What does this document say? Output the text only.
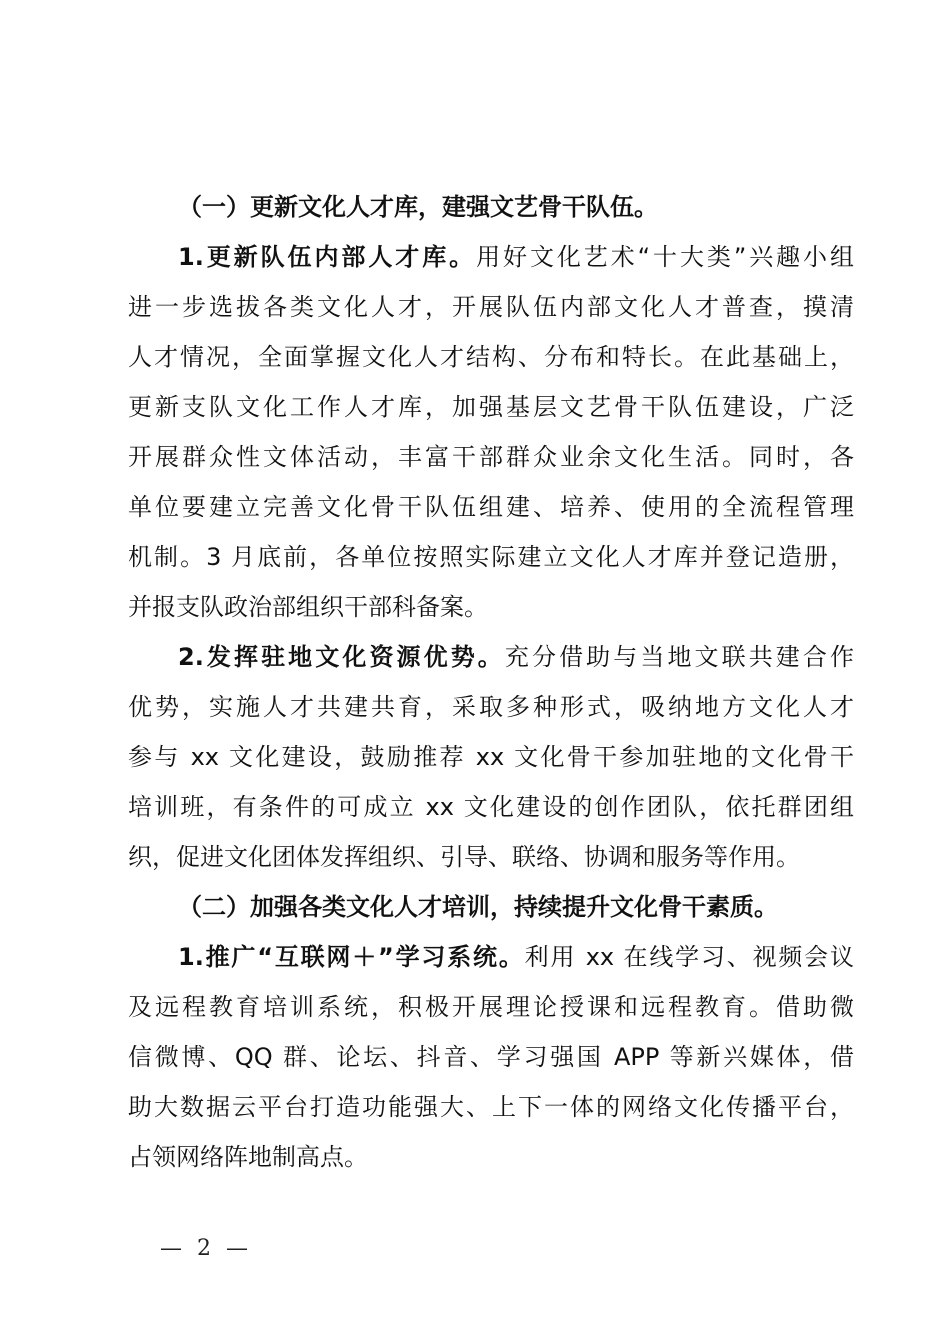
（一）更新文化人才库，建强文艺骨干队伍。
1.更新队伍内部人才库。用好文化艺术“十大类”兴趣小组
进一步选拔各类文化人才，开展队伍内部文化人才普查，摸清
人才情况，全面掌握文化人才结构、分布和特长。在此基础上，
更新支队文化工作人才库，加强基层文艺骨干队伍建设，广泛
开展群众性文体活动，丰富干部群众业余文化生活。同时，各
单位要建立完善文化骨干队伍组建、培养、使用的全流程管理
机制。3 月底前，各单位按照实际建立文化人才库并登记造册，
并报支队政治部组织干部科备案。
2.发挥驻地文化资源优势。充分借助与当地文联共建合作
优势，实施人才共建共育，采取多种形式，吸纳地方文化人才
参与 xx 文化建设，鼓励推荐 xx 文化骨干参加驻地的文化骨干
培训班，有条件的可成立 xx 文化建设的创作团队，依托群团组
织，促进文化团体发挥组织、引导、联络、协调和服务等作用。
（二）加强各类文化人才培训，持续提升文化骨干素质。
1.推广“互联网＋”学习系统。利用 xx 在线学习、视频会议
及远程教育培训系统，积极开展理论授课和远程教育。借助微
信微博、QQ 群、论坛、抖音、学习强国 APP 等新兴媒体，借
助大数据云平台打造功能强大、上下一体的网络文化传播平台，
占领网络阵地制高点。
— 2 —
